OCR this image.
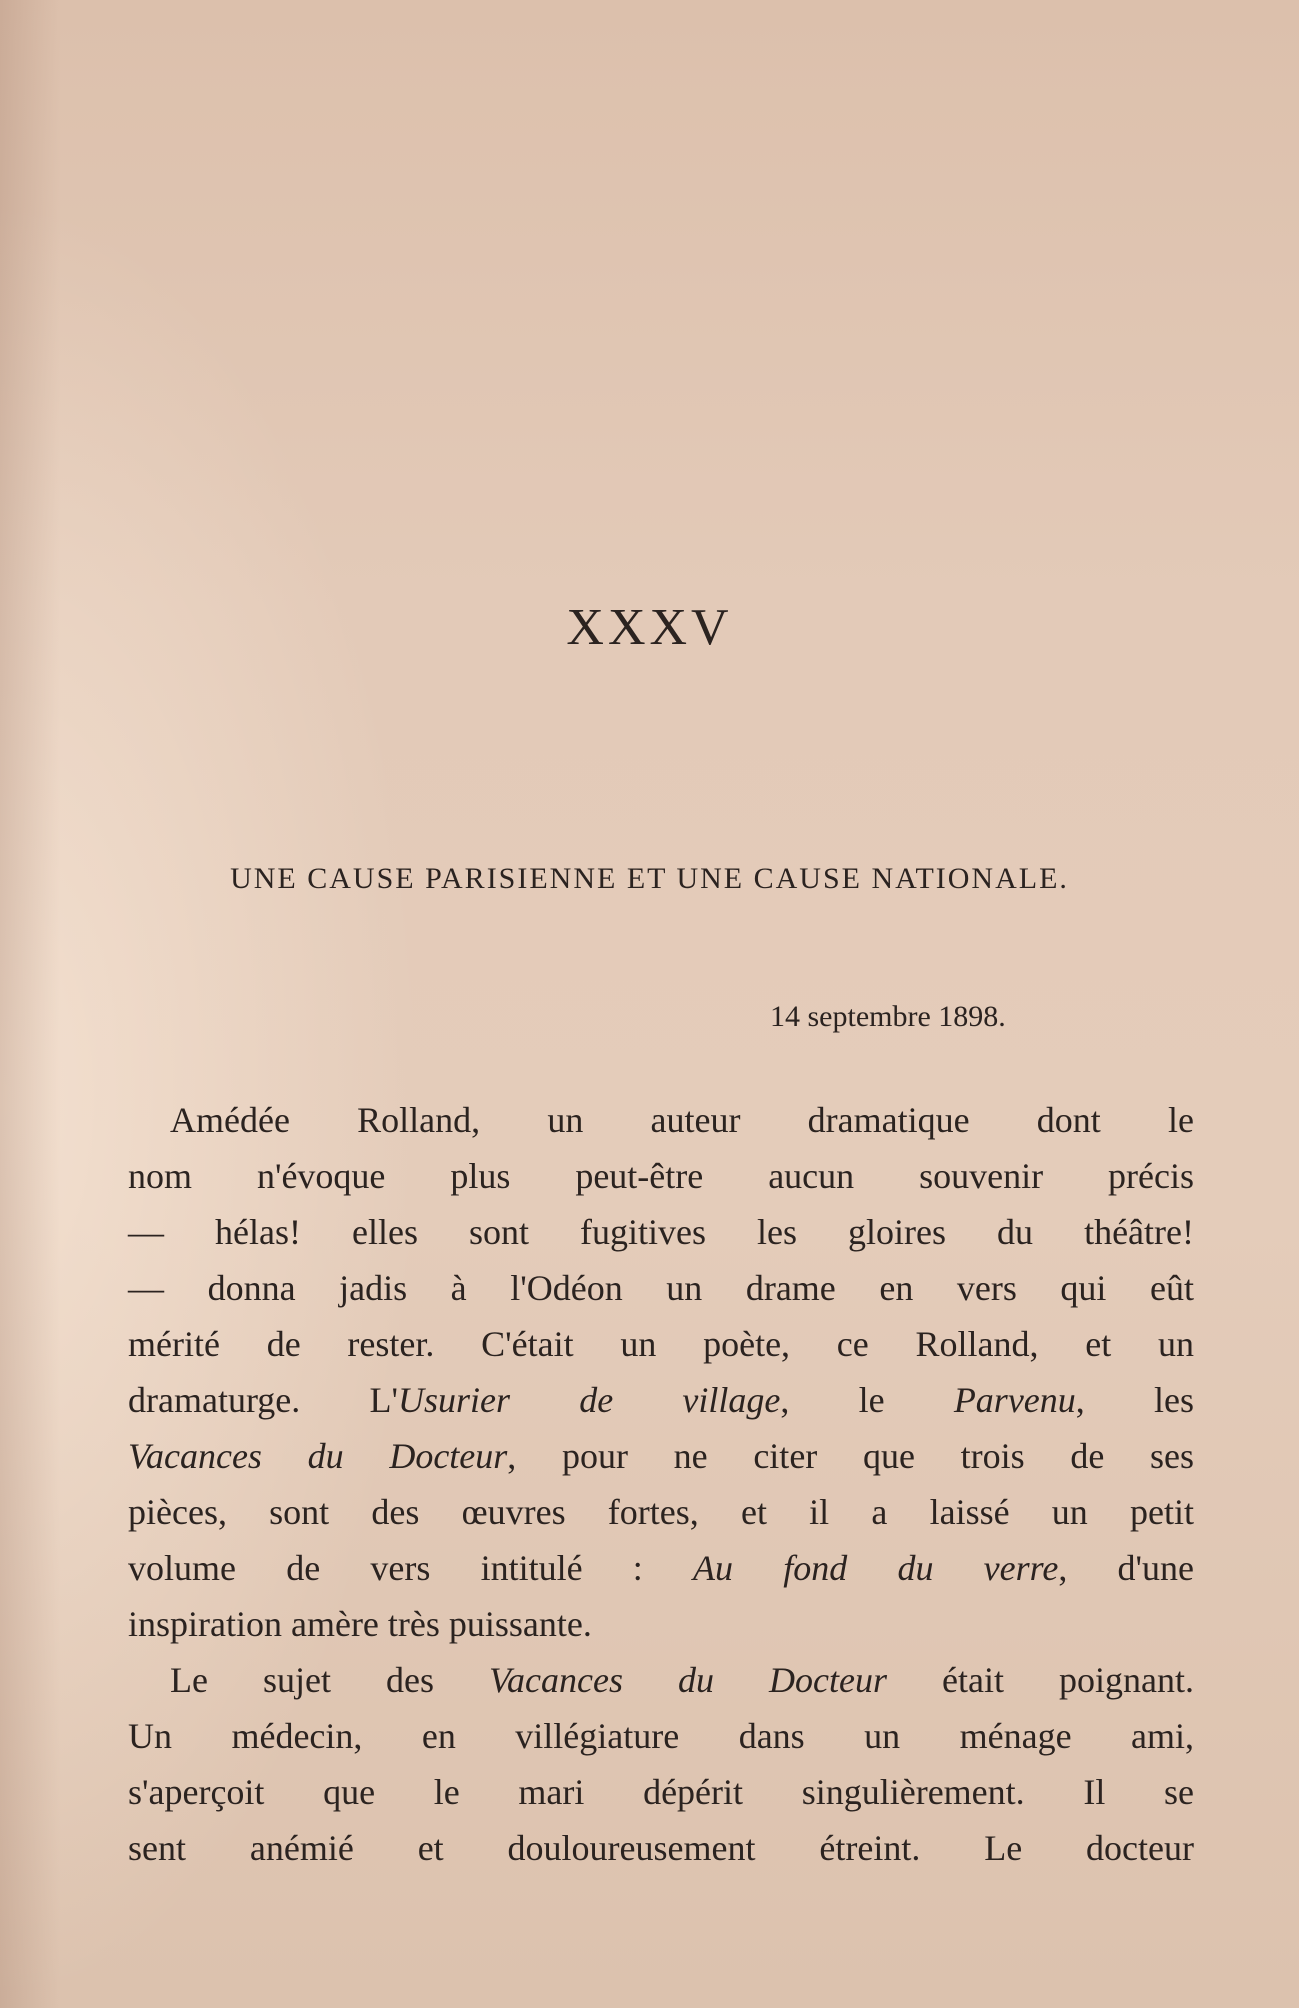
XXXV
UNE CAUSE PARISIENNE ET UNE CAUSE NATIONALE.

14 septembre 1898.

Amédée Rolland, un auteur dramatique dont le
nom n'évoque plus peut-être aucun souvenir précis
— hélas! elles sont fugitives les gloires du théâtre!
— donna jadis à l'Odéon un drame en vers qui eût
mérité de rester. C'était un poète, ce Rolland, et un
dramaturge. L'Usurier de village, le Parvenu, les
Vacances du Docteur, pour ne citer que trois de ses
pièces, sont des œuvres fortes, et il a laissé un petit
volume de vers intitulé : Au fond du verre, d'une
inspiration amère très puissante.
Le sujet des Vacances du Docteur était poignant.
Un médecin, en villégiature dans un ménage ami,
s'aperçoit que le mari dépérit singulièrement. Il se
sent anémié et douloureusement étreint. Le docteur
